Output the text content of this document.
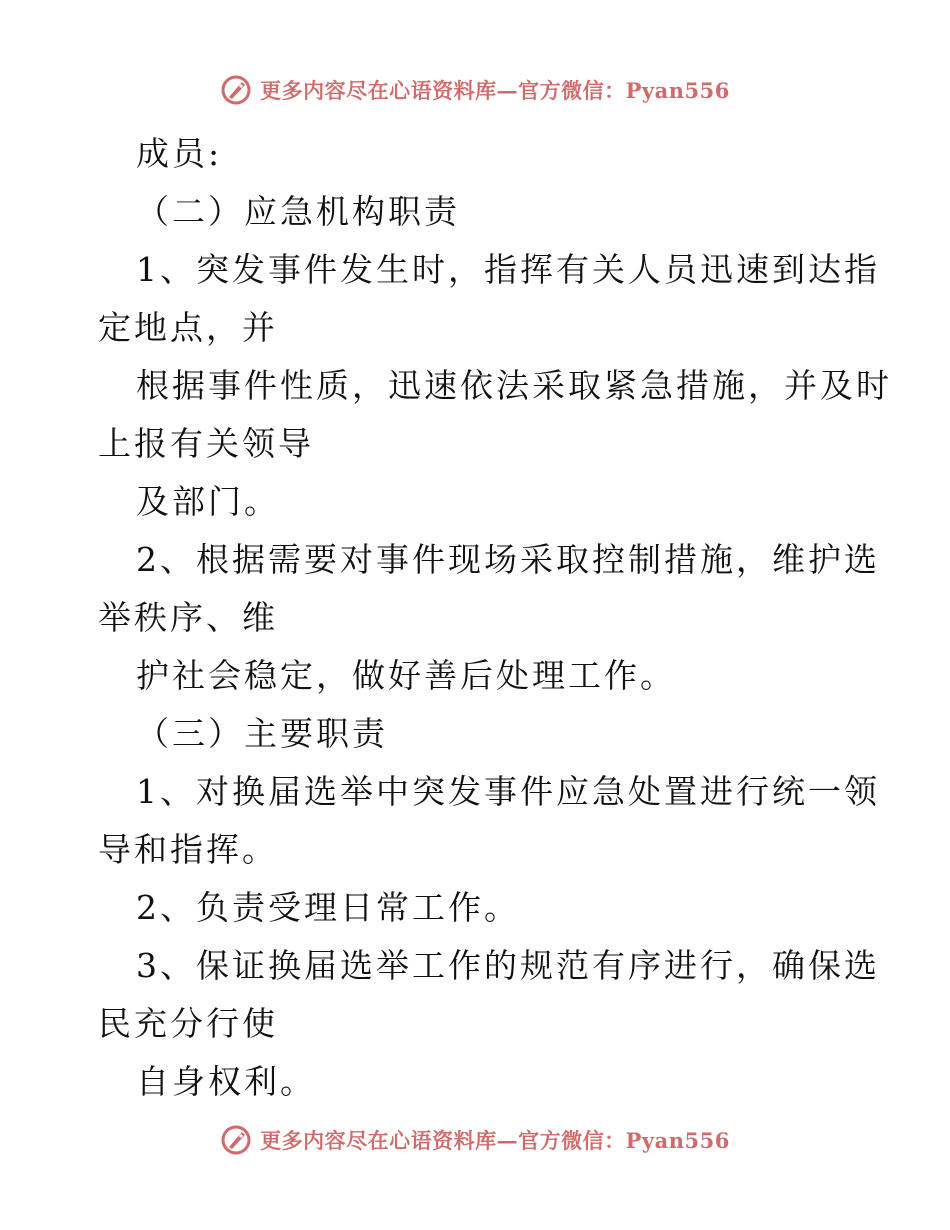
更多内容尽在心语资料库—官方微信：Pyan556
成员:
（二）应急机构职责
1、突发事件发生时，指挥有关人员迅速到达指
定地点，并
根据事件性质，迅速依法采取紧急措施，并及时
上报有关领导
及部门。
2、根据需要对事件现场采取控制措施，维护选
举秩序、维
护社会稳定，做好善后处理工作。
（三）主要职责
1、对换届选举中突发事件应急处置进行统一领
导和指挥。
2、负责受理日常工作。
3、保证换届选举工作的规范有序进行，确保选
民充分行使
自身权利。
更多内容尽在心语资料库—官方微信：Pyan556
